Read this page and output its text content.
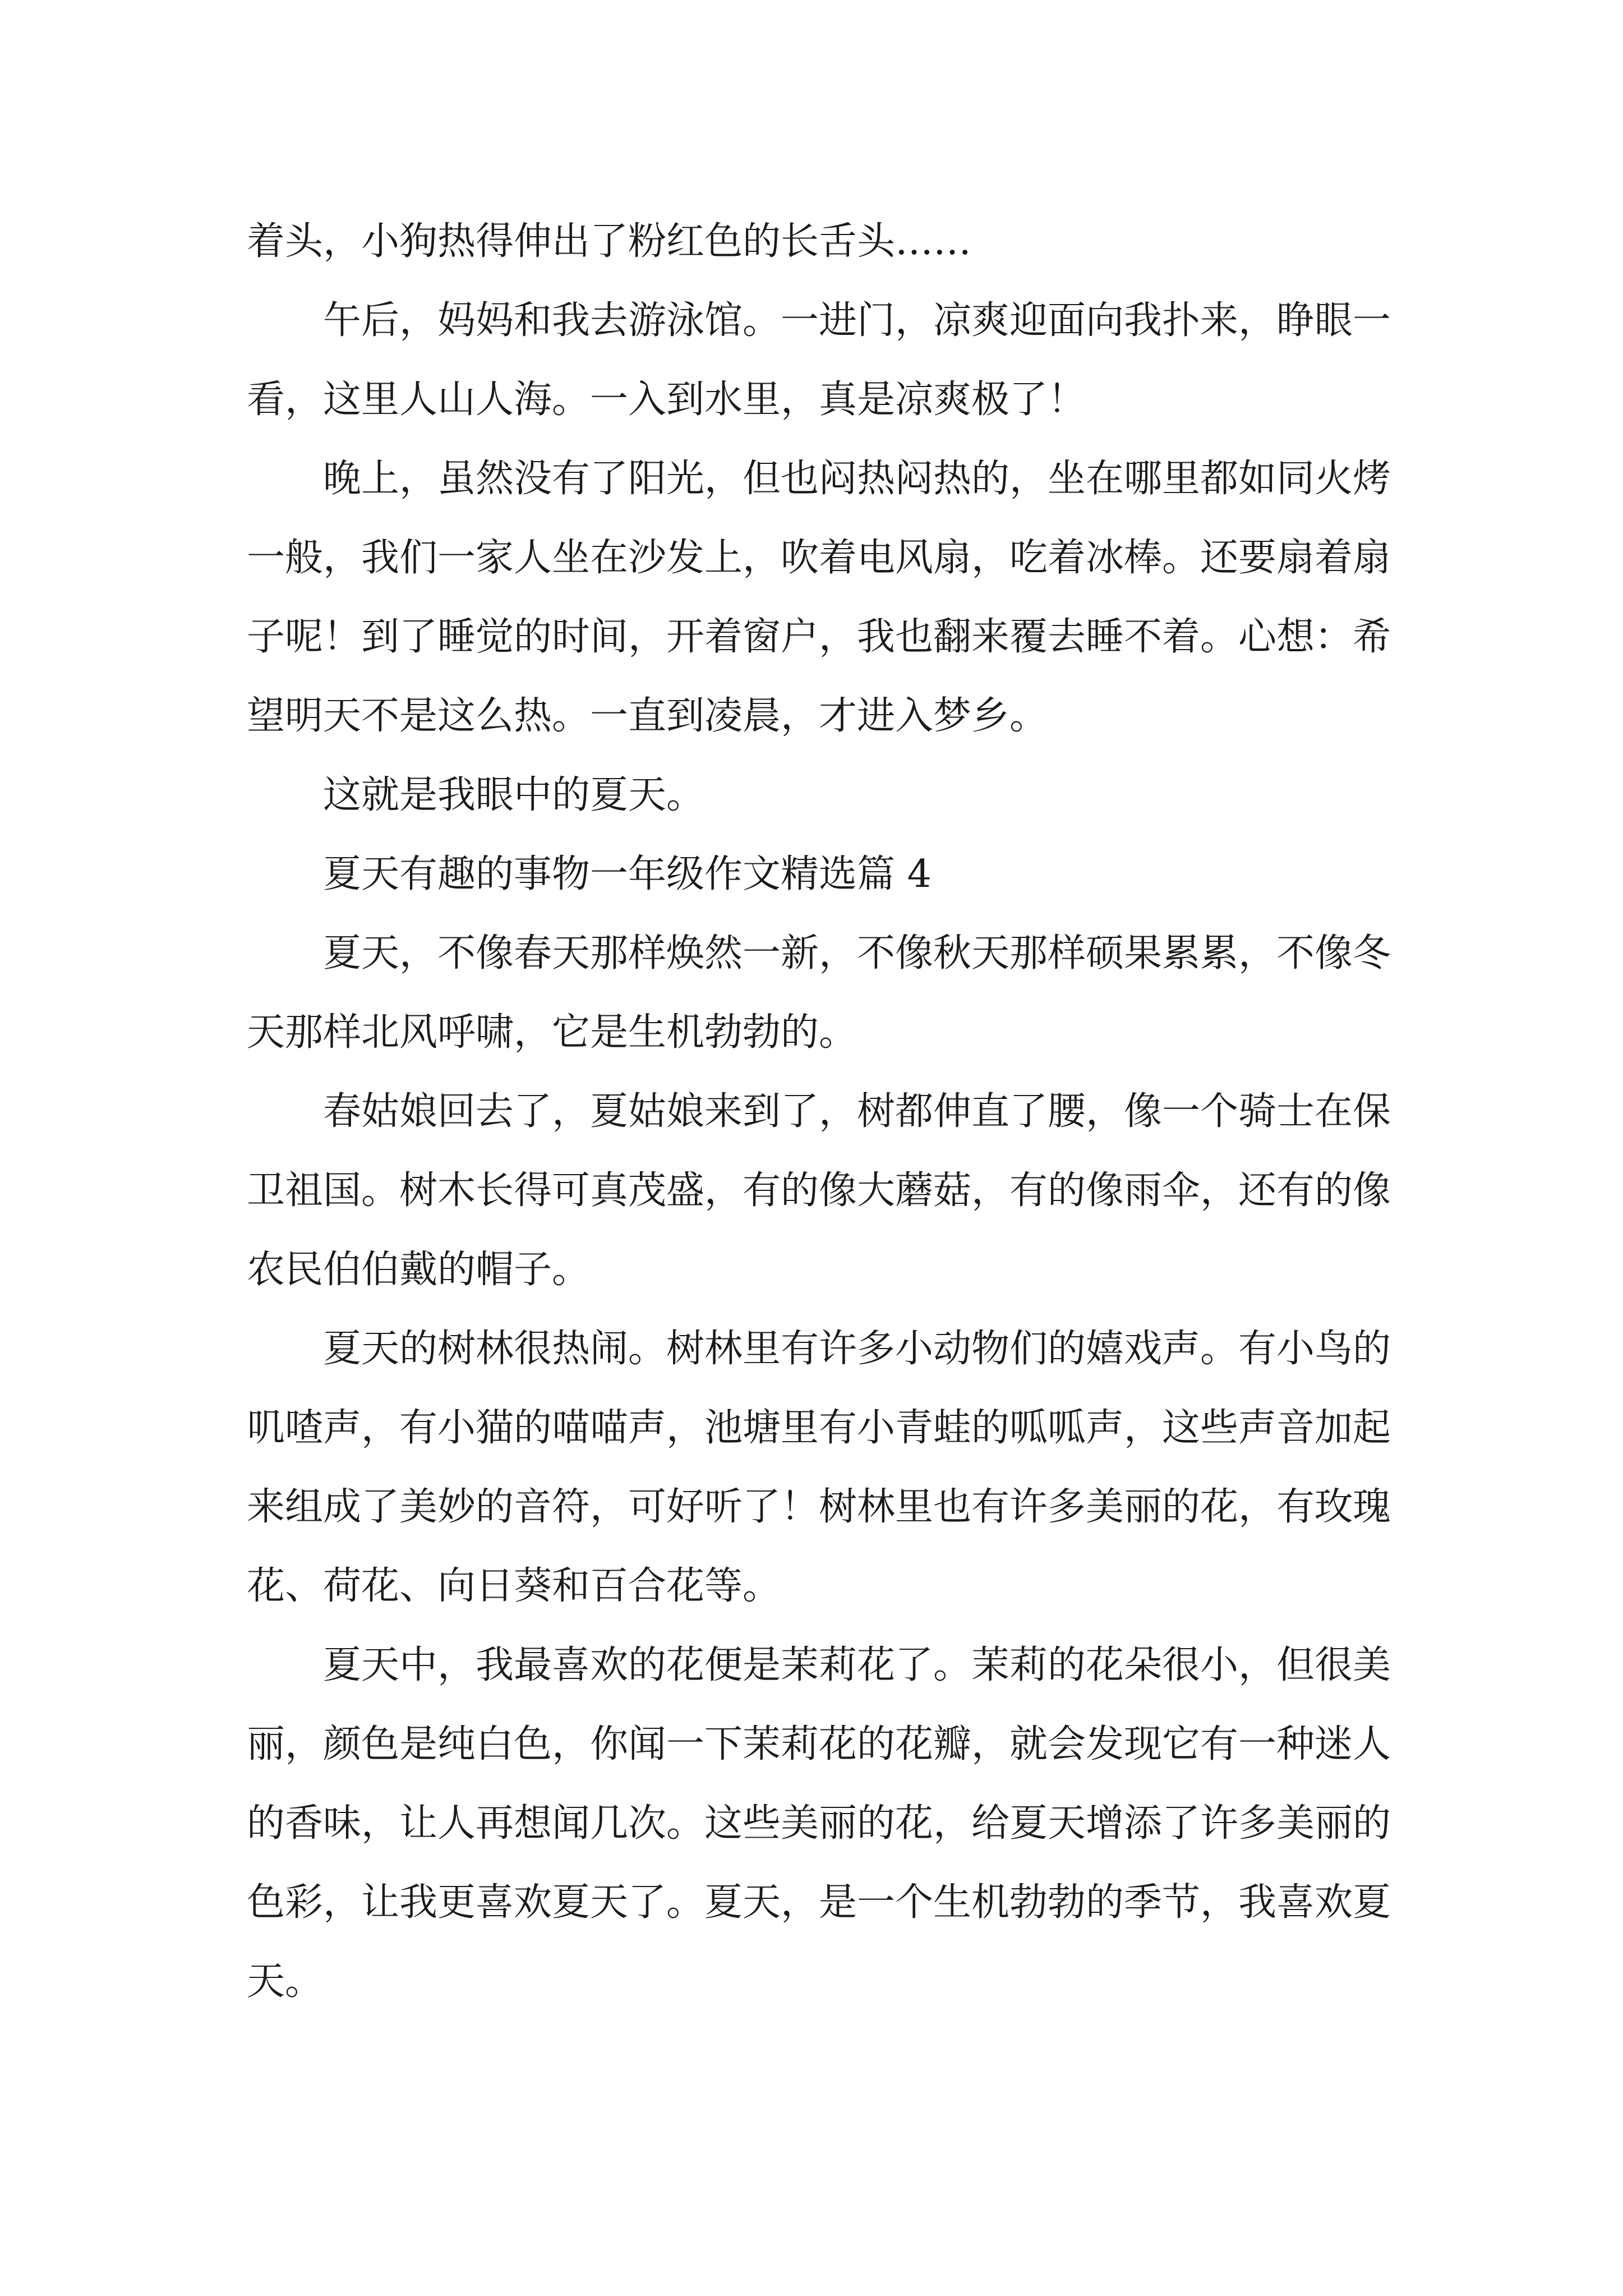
着头，小狗热得伸出了粉红色的长舌头……

午后，妈妈和我去游泳馆。一进门，凉爽迎面向我扑来，睁眼一看，这里人山人海。一入到水里，真是凉爽极了！

晚上，虽然没有了阳光，但也闷热闷热的，坐在哪里都如同火烤一般，我们一家人坐在沙发上，吹着电风扇，吃着冰棒。还要扇着扇子呢！到了睡觉的时间，开着窗户，我也翻来覆去睡不着。心想：希望明天不是这么热。一直到凌晨，才进入梦乡。

这就是我眼中的夏天。

夏天有趣的事物一年级作文精选篇 4

夏天，不像春天那样焕然一新，不像秋天那样硕果累累，不像冬天那样北风呼啸，它是生机勃勃的。

春姑娘回去了，夏姑娘来到了，树都伸直了腰，像一个骑士在保卫祖国。树木长得可真茂盛，有的像大蘑菇，有的像雨伞，还有的像农民伯伯戴的帽子。

夏天的树林很热闹。树林里有许多小动物们的嬉戏声。有小鸟的叽喳声，有小猫的喵喵声，池塘里有小青蛙的呱呱声，这些声音加起来组成了美妙的音符，可好听了！树林里也有许多美丽的花，有玫瑰花、荷花、向日葵和百合花等。

夏天中，我最喜欢的花便是茉莉花了。茉莉的花朵很小，但很美丽，颜色是纯白色，你闻一下茉莉花的花瓣，就会发现它有一种迷人的香味，让人再想闻几次。这些美丽的花，给夏天增添了许多美丽的色彩，让我更喜欢夏天了。夏天，是一个生机勃勃的季节，我喜欢夏天。
